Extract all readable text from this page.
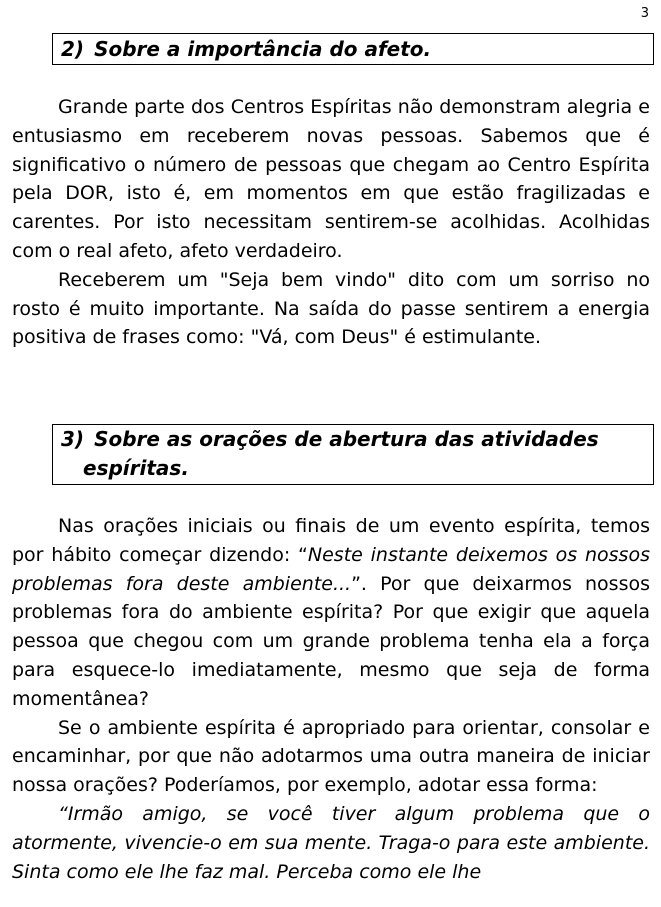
3
2) Sobre a importância do afeto.

Grande parte dos Centros Espíritas não demonstram alegria e entusiasmo em receberem novas pessoas. Sabemos que é significativo o número de pessoas que chegam ao Centro Espírita pela DOR, isto é, em momentos em que estão fragilizadas e carentes. Por isto necessitam sentirem-se acolhidas. Acolhidas com o real afeto, afeto verdadeiro.

Receberem um "Seja bem vindo" dito com um sorriso no rosto é muito importante. Na saída do passe sentirem a energia positiva de frases como: "Vá, com Deus" é estimulante.

3) Sobre as orações de abertura das atividades
espíritas.

Nas orações iniciais ou finais de um evento espírita, temos por hábito começar dizendo: “Neste instante deixemos os nossos problemas fora deste ambiente...”. Por que deixarmos nossos problemas fora do ambiente espírita? Por que exigir que aquela pessoa que chegou com um grande problema tenha ela a força para esquece-lo imediatamente, mesmo que seja de forma momentânea?

Se o ambiente espírita é apropriado para orientar, consolar e encaminhar, por que não adotarmos uma outra maneira de iniciar nossa orações? Poderíamos, por exemplo, adotar essa forma:

“Irmão amigo, se você tiver algum problema que o atormente, vivencie-o em sua mente. Traga-o para este ambiente. Sinta como ele lhe faz mal. Perceba como ele lhe
